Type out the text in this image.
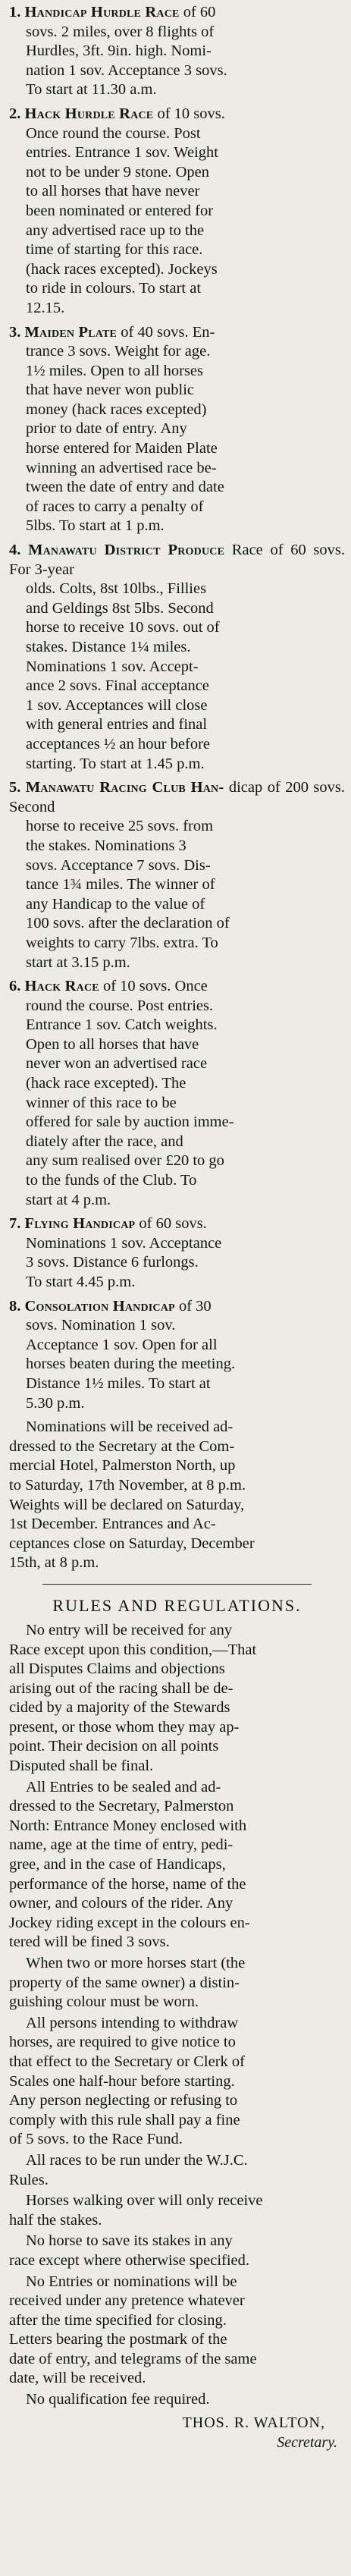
1. Handicap Hurdle Race of 60
sovs. 2 miles, over 8 flights of
Hurdles, 3ft. 9in. high. Nomi-
nation 1 sov. Acceptance 3 sovs.
To start at 11.30 a.m.
2. Hack Hurdle Race of 10 sovs.
Once round the course. Post
entries. Entrance 1 sov. Weight
not to be under 9 stone. Open
to all horses that have never
been nominated or entered for
any advertised race up to the
time of starting for this race.
(hack races excepted). Jockeys
to ride in colours. To start at
12.15.
3. Maiden Plate of 40 sovs. En-
trance 3 sovs. Weight for age.
1½ miles. Open to all horses
that have never won public
money (hack races excepted)
prior to date of entry. Any
horse entered for Maiden Plate
winning an advertised race be-
tween the date of entry and date
of races to carry a penalty of
5lbs. To start at 1 p.m.
4. Manawatu District Produce Race of 60 sovs. For 3-year
olds. Colts, 8st 10lbs., Fillies
and Geldings 8st 5lbs. Second
horse to receive 10 sovs. out of
stakes. Distance 1¼ miles.
Nominations 1 sov. Accept-
ance 2 sovs. Final acceptance
1 sov. Acceptances will close
with general entries and final
acceptances ½ an hour before
starting. To start at 1.45 p.m.
5. Manawatu Racing Club Han- dicap of 200 sovs. Second
horse to receive 25 sovs. from
the stakes. Nominations 3
sovs. Acceptance 7 sovs. Dis-
tance 1¾ miles. The winner of
any Handicap to the value of
100 sovs. after the declaration of
weights to carry 7lbs. extra. To
start at 3.15 p.m.
6. Hack Race of 10 sovs. Once
round the course. Post entries.
Entrance 1 sov. Catch weights.
Open to all horses that have
never won an advertised race
(hack race excepted). The
winner of this race to be
offered for sale by auction imme-
diately after the race, and
any sum realised over £20 to go
to the funds of the Club. To
start at 4 p.m.
7. Flying Handicap of 60 sovs.
Nominations 1 sov. Acceptance
3 sovs. Distance 6 furlongs.
To start 4.45 p.m.
8. Consolation Handicap of 30
sovs. Nomination 1 sov.
Acceptance 1 sov. Open for all
horses beaten during the meeting.
Distance 1½ miles. To start at
5.30 p.m.
Nominations will be received ad-
dressed to the Secretary at the Com-
mercial Hotel, Palmerston North, up
to Saturday, 17th November, at 8 p.m.
Weights will be declared on Saturday,
1st December. Entrances and Ac-
ceptances close on Saturday, December
15th, at 8 p.m.
RULES AND REGULATIONS.
No entry will be received for any
Race except upon this condition,—That
all Disputes Claims and objections
arising out of the racing shall be de-
cided by a majority of the Stewards
present, or those whom they may ap-
point. Their decision on all points
Disputed shall be final.
All Entries to be sealed and ad-
dressed to the Secretary, Palmerston
North: Entrance Money enclosed with
name, age at the time of entry, pedi-
gree, and in the case of Handicaps,
performance of the horse, name of the
owner, and colours of the rider. Any
Jockey riding except in the colours en-
tered will be fined 3 sovs.
When two or more horses start (the
property of the same owner) a distin-
guishing colour must be worn.
All persons intending to withdraw
horses, are required to give notice to
that effect to the Secretary or Clerk of
Scales one half-hour before starting.
Any person neglecting or refusing to
comply with this rule shall pay a fine
of 5 sovs. to the Race Fund.
All races to be run under the W.J.C.
Rules.
Horses walking over will only receive
half the stakes.
No horse to save its stakes in any
race except where otherwise specified.
No Entries or nominations will be
received under any pretence whatever
after the time specified for closing.
Letters bearing the postmark of the
date of entry, and telegrams of the same
date, will be received.
No qualification fee required.
THOS. R. WALTON,
Secretary.
